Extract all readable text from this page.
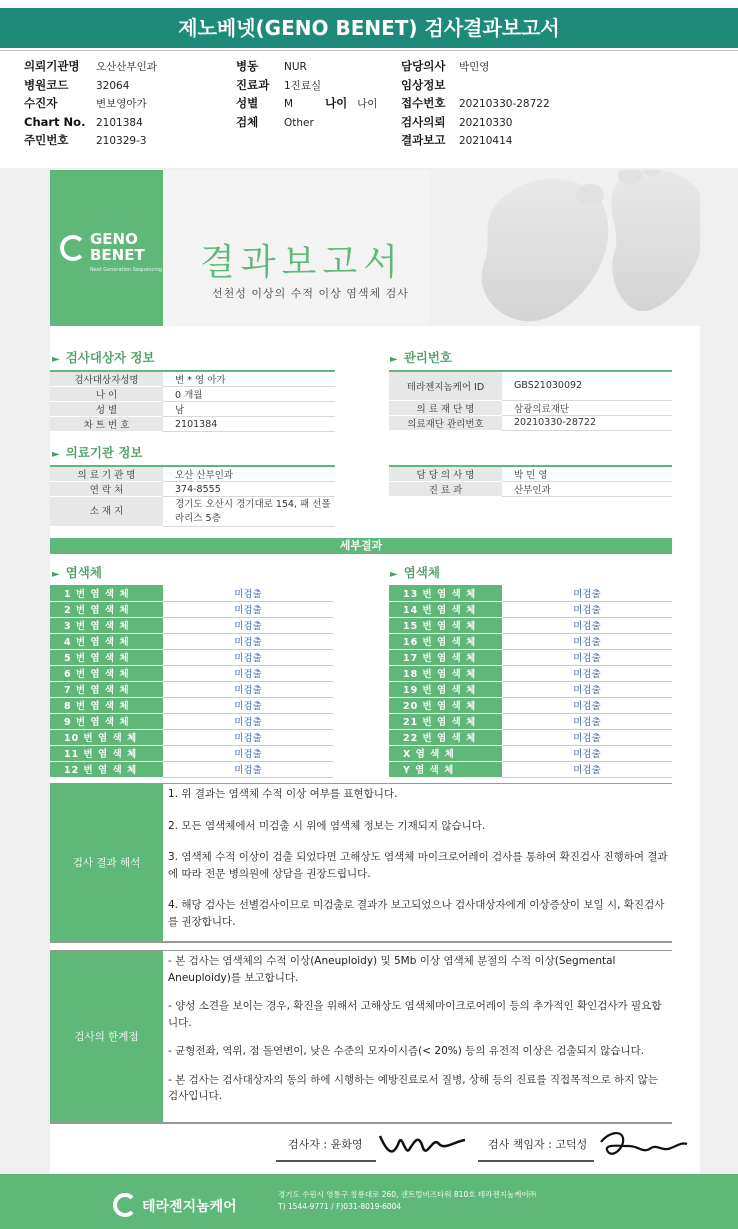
제노베넷(GENO BENET) 검사결과보고서
의뢰기관명 오산산부인과
병원코드	32064
수진자	변보영아가
Chart No. 2101384
주민번호	210329-3
병동 NUR
진료과 1진료실
성별 M	나이 나이
검체 Other
담당의사 박민영
임상정보
접수번호 20210330-28722
검사의뢰 20210330
결과보고 20210414
GENO
BENET
Next Generation Sequencing 결과보고서
선천성 이상의 수적 이상 염색체 검사
► 검사대상자 정보
검사대상자성명	변 * 영 아가
나 이	0 개월
성 별	남
차 트 번 호	2101384
► 관리번호
테라젠지놈케어 ID	GBS21030092
의 료 재 단 명	삼광의료재단
의료재단 관리번호	20210330-28722
► 의료기관 정보
의 료 기 관 명	오산 산부인과
연 락 처	374-8555
소 재 지	경기도 오산시 경기대로 154, 패 선폴라리스 5층
담 당 의 사 명	박 민 영
진 료 과	산부인과
세부결과
► 염색체	► 염색체
1 번 염 색 체	미검출
2 번 염 색 체	미검출
3 번 염 색 체	미검출
4 번 염 색 체	미검출
5 번 염 색 체	미검출
6 번 염 색 체	미검출
7 번 염 색 체	미검출
8 번 염 색 체	미검출
9 번 염 색 체	미검출
10 번 염 색 체	미검출
11 번 염 색 체	미검출
12 번 염 색 체	미검출
13 번 염 색 체	미검출
14 번 염 색 체	미검출
15 번 염 색 체	미검출
16 번 염 색 체	미검출
17 번 염 색 체	미검출
18 번 염 색 체	미검출
19 번 염 색 체	미검출
20 번 염 색 체	미검출
21 번 염 색 체	미검출
22 번 염 색 체	미검출
X 염 색 체	미검출
Y 염 색 체	미검출
검사 결과 해석

1. 위 결과는 염색체 수적 이상 여부를 표현합니다.

2. 모든 염색체에서 미검출 시 위에 염색체 정보는 기재되지 않습니다.

3. 염색체 수적 이상이 검출 되었다면 고해상도 염색체 마이크로어레이 검사를 통하여 확진검사 진행하여 결과에 따라 전문 병의원에 상담을 권장드립니다.

4. 해당 검사는 선별검사이므로 미검출로 결과가 보고되었으나 검사대상자에게 이상증상이 보일 시, 확진검사를 권장합니다.

검사의 한계점

- 본 검사는 염색체의 수적 이상(Aneuploidy) 및 5Mb 이상 염색체 분절의 수적 이상(Segmental Aneuploidy)를 보고합니다.

- 양성 소견을 보이는 경우, 확진을 위해서 고해상도 염색체마이크로어레이 등의 추가적인 확인검사가 필요합니다.

- 균형전좌, 역위, 점 돌연변이, 낮은 수준의 모자이시즘(< 20%) 등의 유전적 이상은 검출되지 않습니다.

- 본 검사는 검사대상자의 동의 하에 시행하는 예방진료로서 질병, 상해 등의 진료를 직접목적으로 하지 않는 검사입니다.

검사자 : 윤화영	검사 책임자 : 고덕성
테라젠지놈케어
경기도 수원시 영통구 창룡대로 260, 센트럴비즈타워 810호 테라젠지놈케어㈜
T) 1544-9771 / F)031-8019-6004
